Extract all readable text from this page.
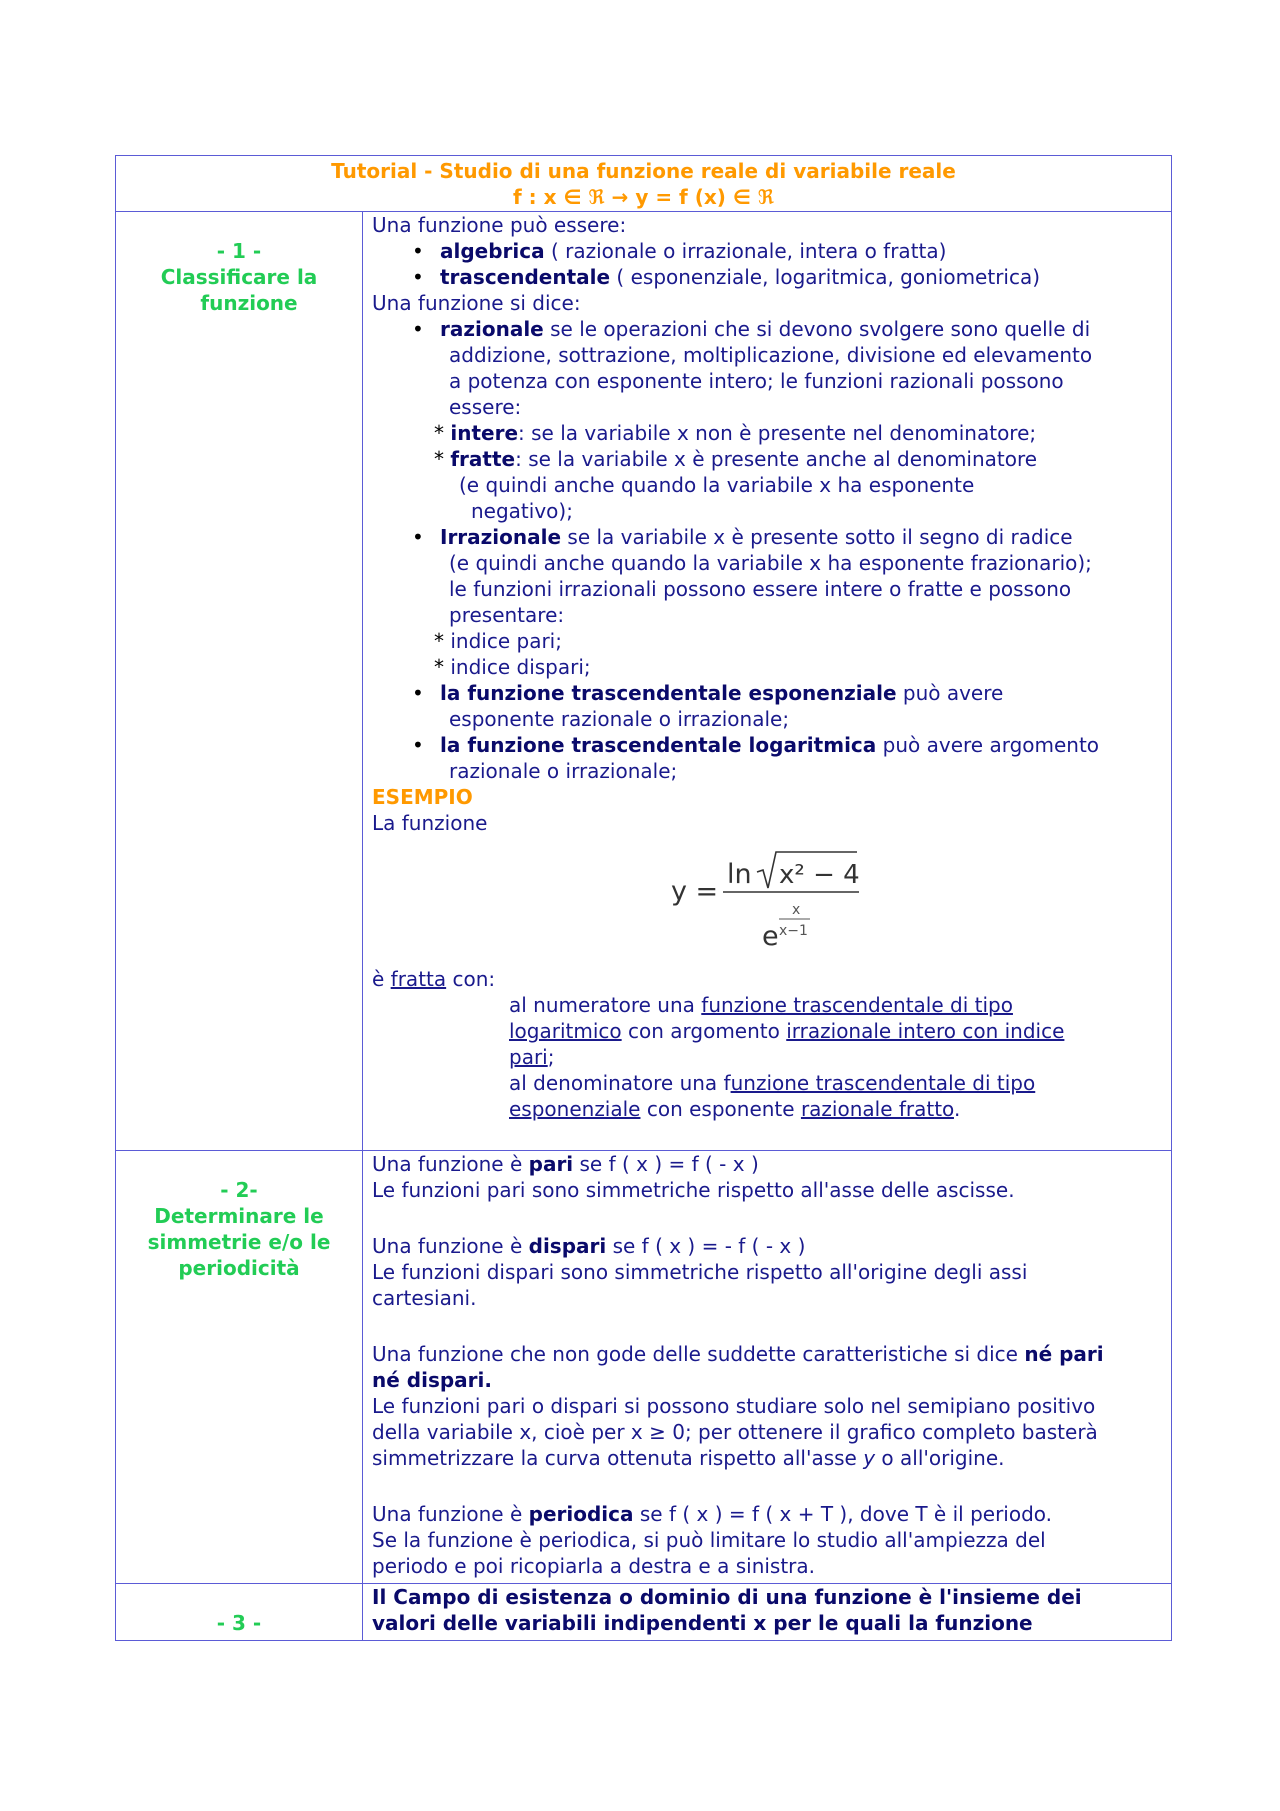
Tutorial - Studio di una funzione reale di variabile reale
f : x ∈ ℜ → y = f (x) ∈ ℜ
- 1 -
Classificare la
funzione
Una funzione può essere:
• algebrica ( razionale o irrazionale, intera o fratta)
• trascendentale ( esponenziale, logaritmica, goniometrica)
Una funzione si dice:
• razionale se le operazioni che si devono svolgere sono quelle di
addizione, sottrazione, moltiplicazione, divisione ed elevamento
a potenza con esponente intero; le funzioni razionali possono
essere:
* intere: se la variabile x non è presente nel denominatore;
* fratte: se la variabile x è presente anche al denominatore
(e quindi anche quando la variabile x ha esponente
negativo);
• Irrazionale se la variabile x è presente sotto il segno di radice
(e quindi anche quando la variabile x ha esponente frazionario);
le funzioni irrazionali possono essere intere o fratte e possono
presentare:
* indice pari;
* indice dispari;
• la funzione trascendentale esponenziale può avere
esponente razionale o irrazionale;
• la funzione trascendentale logaritmica può avere argomento
razionale o irrazionale;
ESEMPIO
La funzione
y =
ln x² − 4
e
x
x−1
è fratta con:
al numeratore una funzione trascendentale di tipo
logaritmico con argomento irrazionale intero con indice
pari;
al denominatore una funzione trascendentale di tipo
esponenziale con esponente razionale fratto.
- 2-
Determinare le
simmetrie e/o le
periodicità
Una funzione è pari se f ( x ) = f ( - x )
Le funzioni pari sono simmetriche rispetto all'asse delle ascisse.
Una funzione è dispari se f ( x ) = - f ( - x )
Le funzioni dispari sono simmetriche rispetto all'origine degli assi
cartesiani.
Una funzione che non gode delle suddette caratteristiche si dice né pari
né dispari.
Le funzioni pari o dispari si possono studiare solo nel semipiano positivo
della variabile x, cioè per x ≥ 0; per ottenere il grafico completo basterà
simmetrizzare la curva ottenuta rispetto all'asse y o all'origine.
Una funzione è periodica se f ( x ) = f ( x + T ), dove T è il periodo.
Se la funzione è periodica, si può limitare lo studio all'ampiezza del
periodo e poi ricopiarla a destra e a sinistra.
- 3 -
Il Campo di esistenza o dominio di una funzione è l'insieme dei
valori delle variabili indipendenti x per le quali la funzione
